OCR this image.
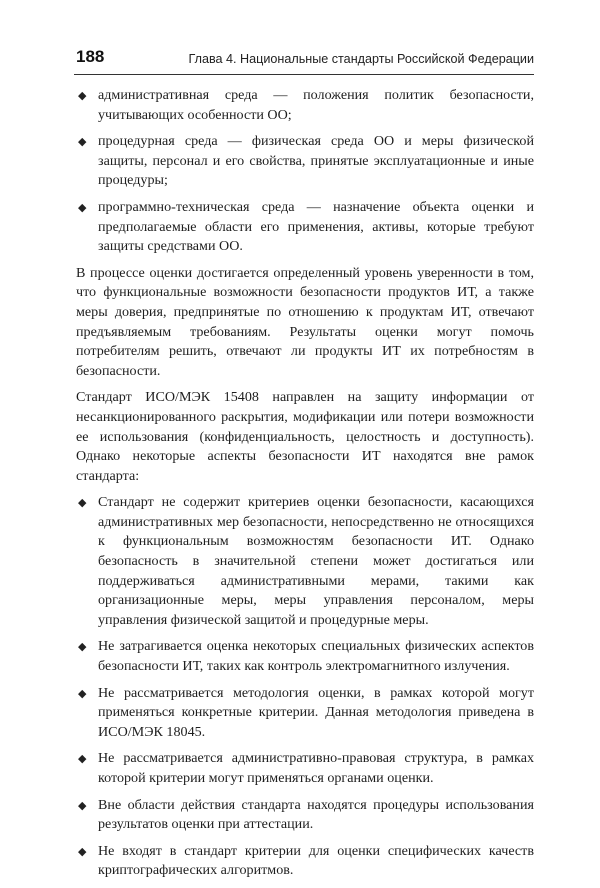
188	Глава 4. Национальные стандарты Российской Федерации
◆ административная среда — положения политик безопасности, учитывающих особенности ОО;
◆ процедурная среда — физическая среда ОО и меры физической защиты, персонал и его свойства, принятые эксплуатационные и иные процедуры;
◆ программно-техническая среда — назначение объекта оценки и предполагаемые области его применения, активы, которые требуют защиты средствами ОО.

В процессе оценки достигается определенный уровень уверенности в том, что функциональные возможности безопасности продуктов ИТ, а также меры доверия, предпринятые по отношению к продуктам ИТ, отвечают предъявляемым требованиям. Результаты оценки могут помочь потребителям решить, отвечают ли продукты ИТ их потребностям в безопасности.

Стандарт ИСО/МЭК 15408 направлен на защиту информации от несанкционированного раскрытия, модификации или потери возможности ее использования (конфиденциальность, целостность и доступность). Однако некоторые аспекты безопасности ИТ находятся вне рамок стандарта:

◆ Стандарт не содержит критериев оценки безопасности, касающихся административных мер безопасности, непосредственно не относящихся к функциональным возможностям безопасности ИТ. Однако безопасность в значительной степени может достигаться или поддерживаться административными мерами, такими как организационные меры, меры управления персоналом, меры управления физической защитой и процедурные меры.
◆ Не затрагивается оценка некоторых специальных физических аспектов безопасности ИТ, таких как контроль электромагнитного излучения.
◆ Не рассматривается методология оценки, в рамках которой могут применяться конкретные критерии. Данная методология приведена в ИСО/МЭК 18045.
◆ Не рассматривается административно-правовая структура, в рамках которой критерии могут применяться органами оценки.
◆ Вне области действия стандарта находятся процедуры использования результатов оценки при аттестации.
◆ Не входят в стандарт критерии для оценки специфических качеств криптографических алгоритмов.
